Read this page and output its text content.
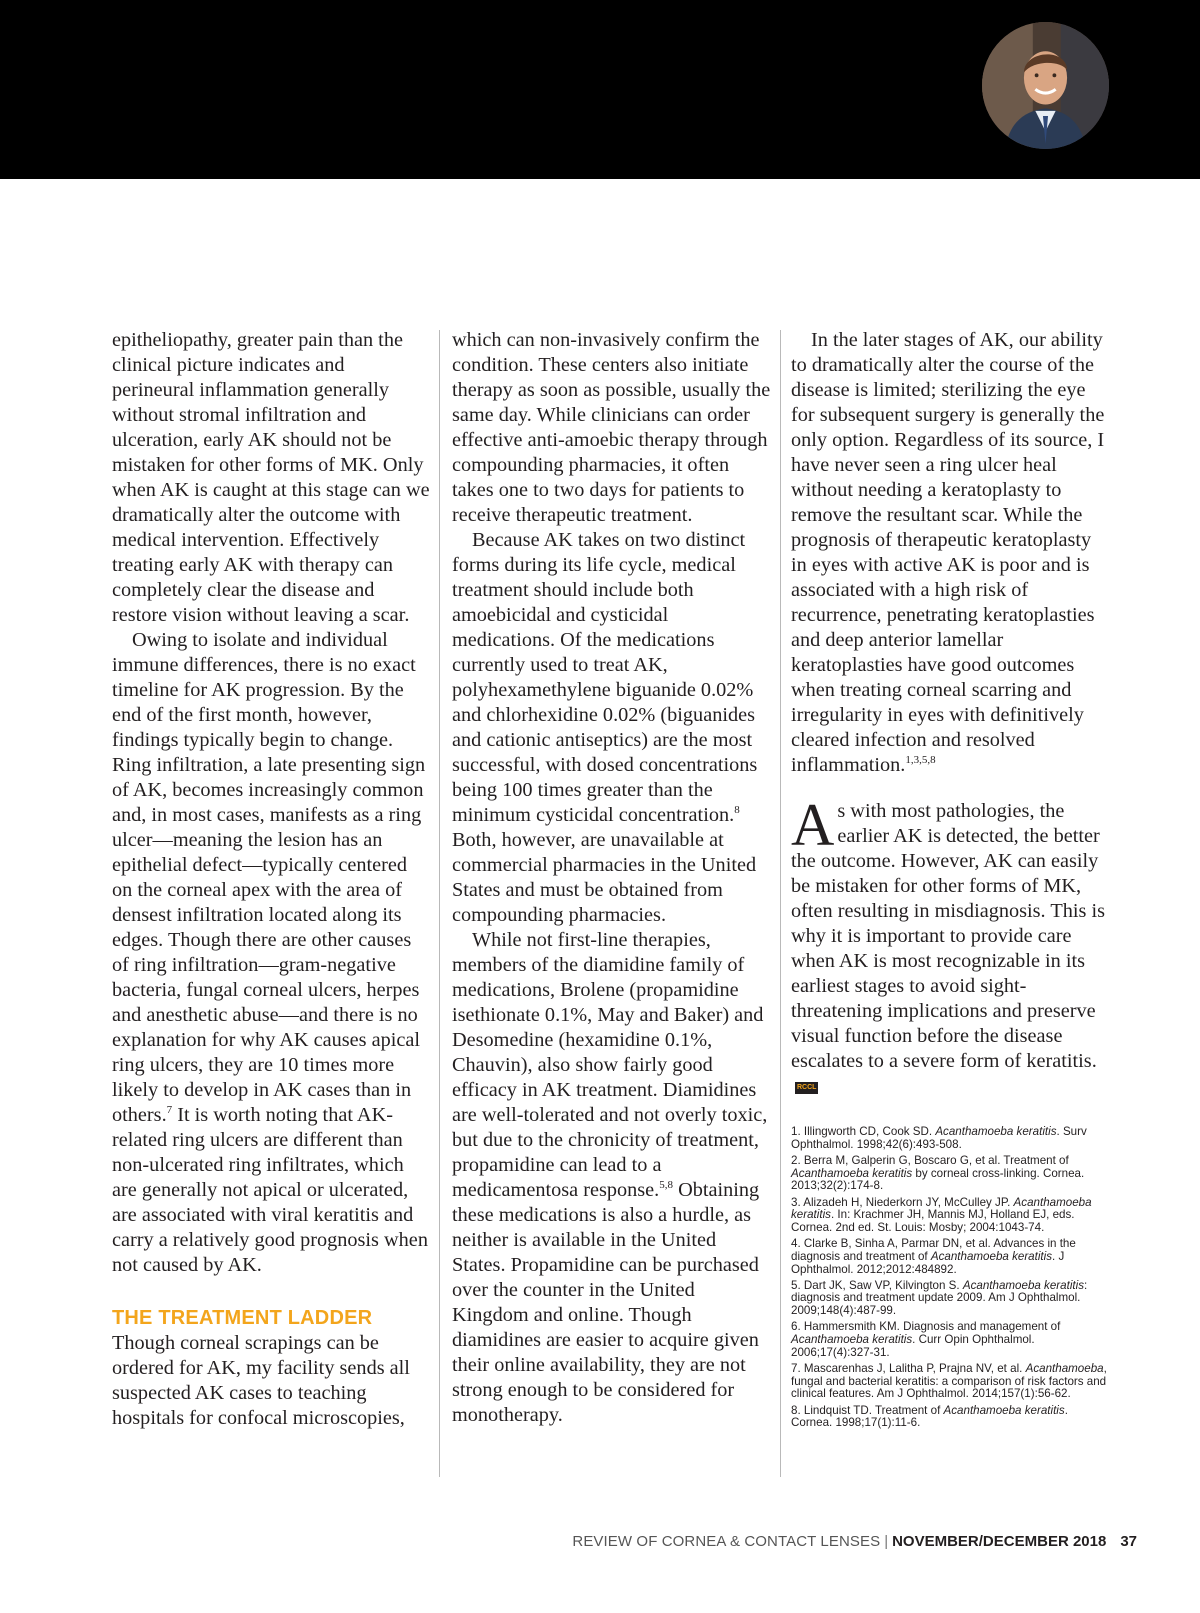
epitheliopathy, greater pain than the clinical picture indicates and perineural inflammation generally without stromal infiltration and ulceration, early AK should not be mistaken for other forms of MK. Only when AK is caught at this stage can we dramatically alter the outcome with medical intervention. Effectively treating early AK with therapy can completely clear the disease and restore vision without leaving a scar.

Owing to isolate and individual immune differences, there is no exact timeline for AK progression. By the end of the first month, however, findings typically begin to change. Ring infiltration, a late presenting sign of AK, becomes increasingly common and, in most cases, manifests as a ring ulcer—meaning the lesion has an epithelial defect—typically centered on the corneal apex with the area of densest infiltration located along its edges. Though there are other causes of ring infiltration—gram-negative bacteria, fungal corneal ulcers, herpes and anesthetic abuse—and there is no explanation for why AK causes apical ring ulcers, they are 10 times more likely to develop in AK cases than in others.$^7$ It is worth noting that AK-related ring ulcers are different than non-ulcerated ring infiltrates, which are generally not apical or ulcerated, are associated with viral keratitis and carry a relatively good prognosis when not caused by AK.

THE TREATMENT LADDER

Though corneal scrapings can be ordered for AK, my facility sends all suspected AK cases to teaching hospitals for confocal microscopies,

which can non-invasively confirm the condition. These centers also initiate therapy as soon as possible, usually the same day. While clinicians can order effective anti-amoebic therapy through compounding pharmacies, it often takes one to two days for patients to receive therapeutic treatment.

Because AK takes on two distinct forms during its life cycle, medical treatment should include both amoebicidal and cysticidal medications. Of the medications currently used to treat AK, polyhexamethylene biguanide 0.02% and chlorhexidine 0.02% (biguanides and cationic antiseptics) are the most successful, with dosed concentrations being 100 times greater than the minimum cysticidal concentration.$^8$ Both, however, are unavailable at commercial pharmacies in the United States and must be obtained from compounding pharmacies.

While not first-line therapies, members of the diamidine family of medications, Brolene (propamidine isethionate 0.1%, May and Baker) and Desomedine (hexamidine 0.1%, Chauvin), also show fairly good efficacy in AK treatment. Diamidines are well-tolerated and not overly toxic, but due to the chronicity of treatment, propamidine can lead to a medicamentosa response.$^{5,8}$ Obtaining these medications is also a hurdle, as neither is available in the United States. Propamidine can be purchased over the counter in the United Kingdom and online. Though diamidines are easier to acquire given their online availability, they are not strong enough to be considered for monotherapy.

In the later stages of AK, our ability to dramatically alter the course of the disease is limited; sterilizing the eye for subsequent surgery is generally the only option. Regardless of its source, I have never seen a ring ulcer heal without needing a keratoplasty to remove the resultant scar. While the prognosis of therapeutic keratoplasty in eyes with active AK is poor and is associated with a high risk of recurrence, penetrating keratoplasties and deep anterior lamellar keratoplasties have good outcomes when treating corneal scarring and irregularity in eyes with definitively cleared infection and resolved inflammation.$^{1,3,5,8}$

As with most pathologies, the earlier AK is detected, the better the outcome. However, AK can easily be mistaken for other forms of MK, often resulting in misdiagnosis. This is why it is important to provide care when AK is most recognizable in its earliest stages to avoid sight-threatening implications and preserve visual function before the disease escalates to a severe form of keratitis.RCCL

1. Illingworth CD, Cook SD. Acanthamoeba keratitis. Surv Ophthalmol. 1998;42(6):493-508.
2. Berra M, Galperin G, Boscaro G, et al. Treatment of Acanthamoeba keratitis by corneal cross-linking. Cornea. 2013;32(2):174-8.
3. Alizadeh H, Niederkorn JY, McCulley JP. Acanthamoeba keratitis. In: Krachmer JH, Mannis MJ, Holland EJ, eds. Cornea. 2nd ed. St. Louis: Mosby; 2004:1043-74.
4. Clarke B, Sinha A, Parmar DN, et al. Advances in the diagnosis and treatment of Acanthamoeba keratitis. J Ophthalmol. 2012;2012:484892.
5. Dart JK, Saw VP, Kilvington S. Acanthamoeba keratitis: diagnosis and treatment update 2009. Am J Ophthalmol. 2009;148(4):487-99.
6. Hammersmith KM. Diagnosis and management of Acanthamoeba keratitis. Curr Opin Ophthalmol. 2006;17(4):327-31.
7. Mascarenhas J, Lalitha P, Prajna NV, et al. Acanthamoeba, fungal and bacterial keratitis: a comparison of risk factors and clinical features. Am J Ophthalmol. 2014;157(1):56-62.
8. Lindquist TD. Treatment of Acanthamoeba keratitis. Cornea. 1998;17(1):11-6.
REVIEW OF CORNEA & CONTACT LENSES | NOVEMBER/DECEMBER 2018 37
